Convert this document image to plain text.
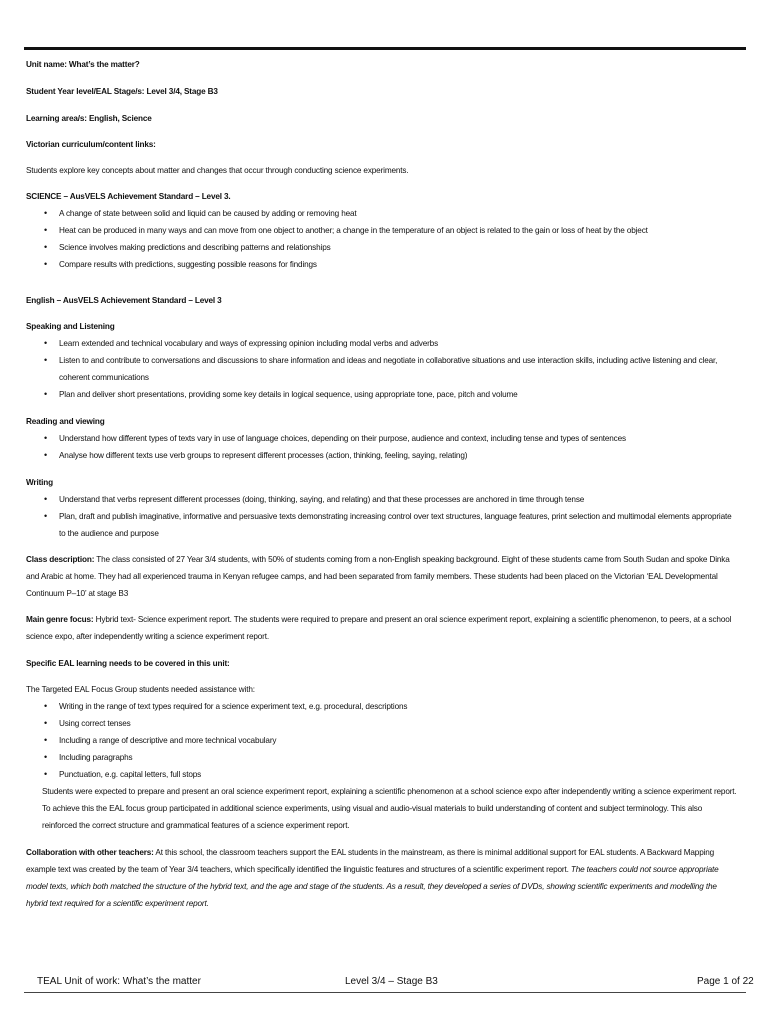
Unit name: What’s the matter?

Student Year level/EAL Stage/s: Level 3/4, Stage B3

Learning area/s: English, Science

Victorian curriculum/content links:

Students explore key concepts about matter and changes that occur through conducting science experiments.

SCIENCE – AusVELS Achievement Standard – Level 3.

• A change of state between solid and liquid can be caused by adding or removing heat
• Heat can be produced in many ways and can move from one object to another; a change in the temperature of an object is related to the gain or loss of heat by the object
• Science involves making predictions and describing patterns and relationships
• Compare results with predictions, suggesting possible reasons for findings

English – AusVELS Achievement Standard – Level 3

Speaking and Listening

• Learn extended and technical vocabulary and ways of expressing opinion including modal verbs and adverbs
• Listen to and contribute to conversations and discussions to share information and ideas and negotiate in collaborative situations and use interaction skills, including active listening and clear, coherent communications
• Plan and deliver short presentations, providing some key details in logical sequence, using appropriate tone, pace, pitch and volume

Reading and viewing

• Understand how different types of texts vary in use of language choices, depending on their purpose, audience and context, including tense and types of sentences
• Analyse how different texts use verb groups to represent different processes (action, thinking, feeling, saying, relating)

Writing

• Understand that verbs represent different processes (doing, thinking, saying, and relating) and that these processes are anchored in time through tense
• Plan, draft and publish imaginative, informative and persuasive texts demonstrating increasing control over text structures, language features, print selection and multimodal elements appropriate to the audience and purpose

Class description: The class consisted of 27 Year 3/4 students, with 50% of students coming from a non-English speaking background. Eight of these students came from South Sudan and spoke Dinka and Arabic at home. They had all experienced trauma in Kenyan refugee camps, and had been separated from family members. These students had been placed on the Victorian ‘EAL Developmental Continuum P–10’ at stage B3

Main genre focus: Hybrid text- Science experiment report. The students were required to prepare and present an oral science experiment report, explaining a scientific phenomenon, to peers, at a school science expo, after independently writing a science experiment report.

Specific EAL learning needs to be covered in this unit:

The Targeted EAL Focus Group students needed assistance with:

• Writing in the range of text types required for a science experiment text, e.g. procedural, descriptions
• Using correct tenses
• Including a range of descriptive and more technical vocabulary
• Including paragraphs
• Punctuation, e.g. capital letters, full stops

Students were expected to prepare and present an oral science experiment report, explaining a scientific phenomenon at a school science expo after independently writing a science experiment report. To achieve this the EAL focus group participated in additional science experiments, using visual and audio-visual materials to build understanding of content and subject terminology. This also reinforced the correct structure and grammatical features of a science experiment report.

Collaboration with other teachers: At this school, the classroom teachers support the EAL students in the mainstream, as there is minimal additional support for EAL students. A Backward Mapping example text was created by the team of Year 3/4 teachers, which specifically identified the linguistic features and structures of a scientific experiment report. The teachers could not source appropriate model texts, which both matched the structure of the hybrid text, and the age and stage of the students. As a result, they developed a series of DVDs, showing scientific experiments and modelling the hybrid text required for a scientific experiment report.

TEAL Unit of work: What’s the matter	Level 3/4 – Stage B3	Page 1 of 22
